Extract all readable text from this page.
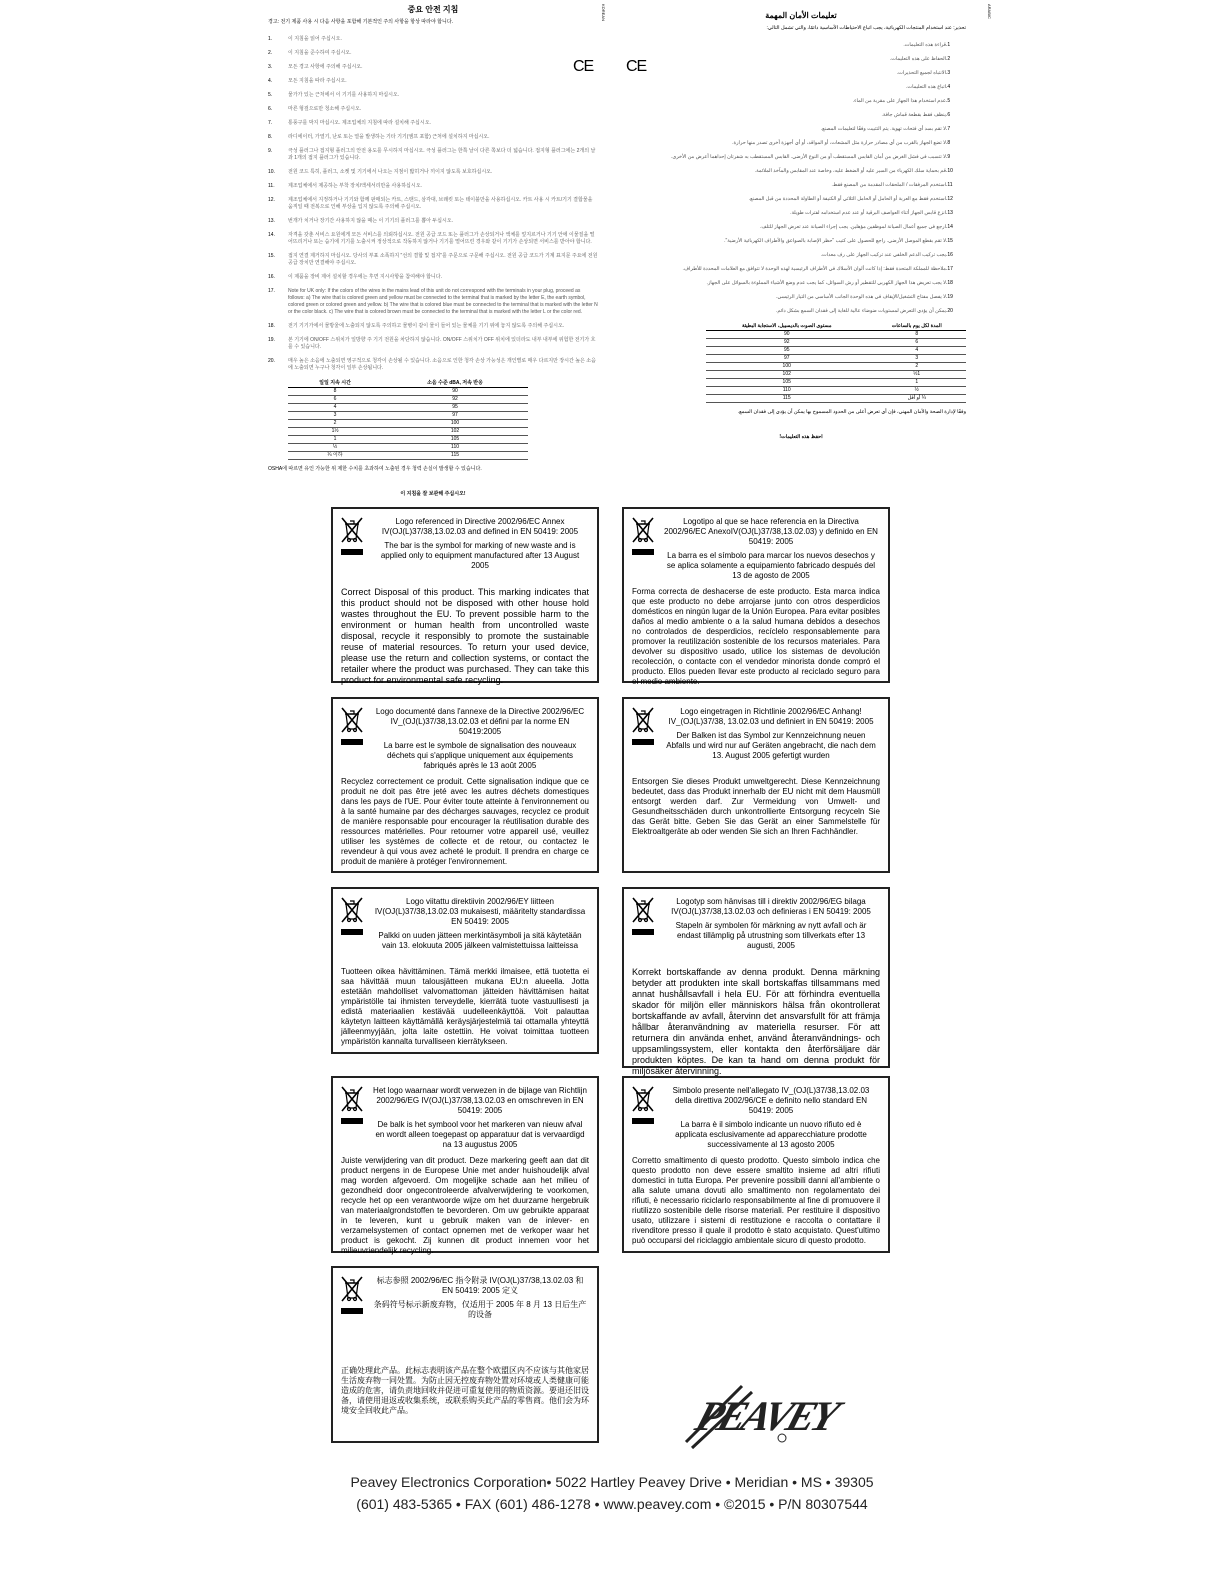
중요 안전 지침
경고: 전기 제품 사용 시 다음 사항을 포함해 기본적인 주의 사항을 항상 따라야 합니다.
1.	이 지침을 읽어 주십시오.
2.	이 지침을 준수하여 주십시오.
3.	모든 경고 사항에 주의해 주십시오.
4.	모든 지침을 따라 주십시오.
5.	물가가 있는 근처에서 이 기기를 사용하지 마십시오.
6.	마른 헝겊으로만 청소해 주십시오.
7.	통풍구를 막지 마십시오. 제조업체의 지침에 따라 설치해 주십시오.
8.	라디에이터, 가열기, 난로 또는 열을 발생하는 기타 기기(앰프 포함) 근처에 설치하지 마십시오.
9.	극성 플러그나 접지형 플러그의 안전 용도를 무시하지 마십시오. 극성 플러그는 한쪽 날이 다른 쪽보다 더 넓습니다. 접지형 플러그에는 2개의 날과 1개의 접지 플러그가 있습니다.
10.	전원 코드 특히, 플러그, 소켓 및 기기에서 나오는 지점이 밟히거나 끼이지 않도록 보호하십시오.
11.	제조업체에서 제공하는 부착 장치/액세서리만을 사용하십시오.
12.	제조업체에서 지정하거나 기기와 함께 판매되는 카트, 스탠드, 삼각대, 브래킷 또는 테이블만을 사용하십시오. 카트 사용 시 카트/기기 결합물을 움직일 때 전복으로 인해 부상을 입지 않도록 주의해 주십시오.
13.	번개가 치거나 장기간 사용하지 않을 때는 이 기기의 플러그를 뽑아 두십시오.
14.	자격을 갖춘 서비스 요원에게 모든 서비스를 의뢰하십시오. 전원 공급 코드 또는 플러그가 손상되거나 액체를 엎지르거나 기기 안에 이물질을 떨어뜨리거나 또는 습기에 기기를 노출시켜 정상적으로 작동하지 않거나 기기를 떨어뜨린 경우와 같이 기기가 손상되면 서비스를 받아야 합니다.
15.	접지 연결 제거하지 마십시오. 당사의 부표 소폭하지 "선의 결합 및 접지"를 주문으로 구문해 주십시오. 전원 공급 코드가 기계 표지문 주요에 전원 공급 장치만 연결해야 주십시오.
16.	이 제품을 장비 제어 설치할 경우에는 후면 지시사항을 참여해야 합니다.
17.	Note for UK only: If the colors of the wires in the mains lead of this unit do not correspond with the terminals in your plug, proceed as follows: a) The wire that is colored green and yellow must be connected to the terminal that is marked by the letter E, the earth symbol, colored green or colored green and yellow. b) The wire that is colored blue must be connected to the terminal that is marked with the letter N or the color black. c) The wire that is colored brown must be connected to the terminal that is marked with the letter L or the color red.
18.	전기 기기가에서 물방울에 노출되지 않도록 주의하고 물병이 같이 물이 들어 있는 물체를 기기 위에 놓지 않도록 주의해 주십시오.
19.	본 기기에 ON/OFF 스위치가 일방향 주 기기 전원을 차단하지 않습니다. ON/OFF 스위치가 OFF 위치에 있더라도 내부 내부에 위험한 전기가 흐를 수 있습니다.
20.	매우 높은 소음에 노출되면 영구적으로 청각이 손상될 수 있습니다. 소음으로 인한 청각 손상 가능성은 개인별로 매우 다르지만 장시간 높은 소음에 노출되면 누구나 청각이 일부 손상됩니다.
일일 지속 시간	소음 수준 dBA, 저속 반응
8	90
6	92
4	95
3	97
2	100
1½	102
1	105
½	110
¼ 이하	115
OSHA에 따르면 유인 가능한 위 제한 수치를 초과하여 노출된 경우 청력 손실이 발생할 수 있습니다.
이 지침을 잘 보관해 주십시오!
KOREAN
CE CE
تعليمات الأمان المهمة
تحذير: عند استخدام المنتجات الكهربائية، يجب اتباع الاحتياطات الأساسية دائمًا، والتي تشمل التالي:
1.
قراءة هذه التعليمات.
2.
الحفاظ على هذه التعليمات.
3.
الانتباه لجميع التحذيرات.
4.
اتباع هذه التعليمات.
5.
عدم استخدام هذا الجهاز على مقربة من الماء.
6.
ينظف فقط بقطعة قماش جافة.
7.
لا تقم بسد أي فتحات تهوية. يتم التثبيت وفقًا لتعليمات المصنع.
8.
لا تضع الجهاز بالقرب من أي مصادر حرارة مثل المشعات، أو المواقد، أو أي أجهزة أخرى تصدر منها حرارة.
9.
لا تتسبب في فشل الغرض من أمان القابس المستقطب أو من النوع الأرضي. القابس المستقطب به شفرتان إحداهما أعرض من الأخرى.
10.
قم بحماية سلك الكهرباء من السير عليه أو الضغط عليه، وخاصة عند المقابس والمآخذ الملائمة.
11.
استخدم المرفقات / الملحقات المقدمة من المصنع فقط.
12.
استخدم فقط مع العربة أو الحامل أو الحامل الثلاثي أو الكتيفة أو الطاولة المحددة من قبل المصنع.
13.
انزع قابس الجهاز أثناء العواصف البرقية أو عند عدم استخدامه لفترات طويلة.
14.
ارجع في جميع أعمال الصيانة لموظفين مؤهلين. يجب إجراء الصيانة عند تعرض الجهاز للتلف.
15.
لا تقم بقطع الموصل الأرضي. راجع للحصول على كتيب "حظر الإصابة بالصواعق والأطراف الكهربائية الأرضية".
16.
يجب تركيب الدعم الخلفي عند تركيب الجهاز على رف معدات.
17.
ملاحظة للمملكة المتحدة فقط: إذا كانت ألوان الأسلاك في الأطراف الرئيسية لهذه الوحدة لا تتوافق مع العلامات المحددة للأطراف.
18.
لا يجب تعريض هذا الجهاز الكهربي للتقطير أو رش السوائل، كما يجب عدم وضع الأشياء المملوءة بالسوائل على الجهاز.
19.
لا يفصل مفتاح التشغيل/الإيقاف في هذه الوحدة الجانب الأساسي من التيار الرئيسي.
20.
يمكن أن يؤدي التعرض لمستويات ضوضاء عالية للغاية إلى فقدان السمع بشكل دائم.
المدة لكل يوم بالساعات	مستوى الصوت بالديسيبل، الاستجابة البطيئة
8	90
6	92
4	95
3	97
2	100
1½	102
1	105
½	110
¼ أو أقل	115
وفقًا لإدارة الصحة والأمان المهني، فإن أي تعرض أعلى من الحدود المسموح بها يمكن أن يؤدي إلى فقدان السمع.
احفظ هذه التعليمات!
ARABIC
Logo referenced in Directive 2002/96/EC Annex IV(OJ(L)37/38,13.02.03 and defined in EN 50419: 2005
The bar is the symbol for marking of new waste and is applied only to equipment manufactured after 13 August 2005
Correct Disposal of this product. This marking indicates that this product should not be disposed with other house hold wastes throughout the EU. To prevent possible harm to the environment or human health from uncontrolled waste disposal, recycle it responsibly to promote the sustainable reuse of material resources. To return your used device, please use the return and collection systems, or contact the retailer where the product was purchased. They can take this product for environmental safe recycling.
Logotipo al que se hace referencia en la Directiva 2002/96/EC AnexoIV(OJ(L)37/38,13.02.03) y definido en EN 50419: 2005
La barra es el símbolo para marcar los nuevos desechos y se aplica solamente a equipamiento fabricado después del 13 de agosto de 2005
Forma correcta de deshacerse de este producto. Esta marca indica que este producto no debe arrojarse junto con otros desperdicios domésticos en ningún lugar de la Unión Europea. Para evitar posibles daños al medio ambiente o a la salud humana debidos a desechos no controlados de desperdicios, recíclelo responsablemente para promover la reutilización sostenible de los recursos materiales. Para devolver su dispositivo usado, utilice los sistemas de devolución recolección, o contacte con el vendedor minorista donde compró el producto. Ellos pueden llevar este producto al reciclado seguro para el medio ambiente.
Logo documenté dans l'annexe de la Directive 2002/96/EC IV_(OJ(L)37/38,13.02.03 et défini par la norme EN 50419:2005
La barre est le symbole de signalisation des nouveaux déchets qui s'applique uniquement aux équipements fabriqués après le 13 août 2005
Recyclez correctement ce produit. Cette signalisation indique que ce produit ne doit pas être jeté avec les autres déchets domestiques dans les pays de l'UE. Pour éviter toute atteinte à l'environnement ou à la santé humaine par des décharges sauvages, recyclez ce produit de manière responsable pour encourager la réutilisation durable des ressources matérielles. Pour retourner votre appareil usé, veuillez utiliser les systèmes de collecte et de retour, ou contactez le revendeur à qui vous avez acheté le produit. Il prendra en charge ce produit de manière à protéger l'environnement.
Logo eingetragen in Richtlinie 2002/96/EC Anhang! IV_(OJ(L)37/38, 13.02.03 und definiert in EN 50419: 2005
Der Balken ist das Symbol zur Kennzeichnung neuen Abfalls und wird nur auf Geräten angebracht, die nach dem 13. August 2005 gefertigt wurden
Entsorgen Sie dieses Produkt umweltgerecht. Diese Kennzeichnung bedeutet, dass das Produkt innerhalb der EU nicht mit dem Hausmüll entsorgt werden darf. Zur Vermeidung von Umwelt- und Gesundheitsschäden durch unkontrollierte Entsorgung recyceln Sie das Gerät bitte. Geben Sie das Gerät an einer Sammelstelle für Elektroaltgeräte ab oder wenden Sie sich an Ihren Fachhändler.
Logo viitattu direktiivin 2002/96/EY liitteen IV(OJ(L)37/38,13.02.03 mukaisesti, määritelty standardissa EN 50419: 2005
Palkki on uuden jätteen merkintäsymboli ja sitä käytetään vain 13. elokuuta 2005 jälkeen valmistettuissa laitteissa
Tuotteen oikea hävittäminen. Tämä merkki ilmaisee, että tuotetta ei saa hävittää muun talousjätteen mukana EU:n alueella. Jotta estetään mahdolliset valvomattoman jätteiden hävittämisen haitat ympäristölle tai ihmisten terveydelle, kierrätä tuote vastuullisesti ja edistä materiaalien kestävää uudelleenkäyttöä. Voit palauttaa käytetyn laitteen käyttämällä keräysjärjestelmiä tai ottamalla yhteyttä jälleenmyyjään, jolta laite ostettiin. He voivat toimittaa tuotteen ympäristön kannalta turvalliseen kierrätykseen.
Logotyp som hänvisas till i direktiv 2002/96/EG bilaga IV(OJ(L)37/38,13.02.03 och definieras i EN 50419: 2005
Stapeln är symbolen för märkning av nytt avfall och är endast tillämplig på utrustning som tillverkats efter 13 augusti, 2005
Korrekt bortskaffande av denna produkt. Denna märkning betyder att produkten inte skall bortskaffas tillsammans med annat hushållsavfall i hela EU. För att förhindra eventuella skador för miljön eller människors hälsa från okontrollerat bortskaffande av avfall, återvinn det ansvarsfullt för att främja hållbar återanvändning av materiella resurser. För att returnera din använda enhet, använd återanvändnings- och uppsamlingssystem, eller kontakta den återförsäljare där produkten köptes. De kan ta hand om denna produkt för miljösäker återvinning.
Het logo waarnaar wordt verwezen in de bijlage van Richtlijn 2002/96/EG IV(OJ(L)37/38,13.02.03 en omschreven in EN 50419: 2005
De balk is het symbool voor het markeren van nieuw afval en wordt alleen toegepast op apparatuur dat is vervaardigd na 13 augustus 2005
Juiste verwijdering van dit product. Deze markering geeft aan dat dit product nergens in de Europese Unie met ander huishoudelijk afval mag worden afgevoerd. Om mogelijke schade aan het milieu of gezondheid door ongecontroleerde afvalverwijdering te voorkomen, recycle het op een verantwoorde wijze om het duurzame hergebruik van materiaalgrondstoffen te bevorderen. Om uw gebruikte apparaat in te leveren, kunt u gebruik maken van de inlever- en verzamelsystemen of contact opnemen met de verkoper waar het product is gekocht. Zij kunnen dit product innemen voor het milieuvriendelijk recycling.
Simbolo presente nell'allegato IV_(OJ(L)37/38,13.02.03 della direttiva 2002/96/CE e definito nello standard EN 50419: 2005
La barra è il simbolo indicante un nuovo rifiuto ed è applicata esclusivamente ad apparecchiature prodotte successivamente al 13 agosto 2005
Corretto smaltimento di questo prodotto. Questo simbolo indica che questo prodotto non deve essere smaltito insieme ad altri rifiuti domestici in tutta Europa. Per prevenire possibili danni all'ambiente o alla salute umana dovuti allo smaltimento non regolamentato dei rifiuti, è necessario riciclarlo responsabilmente al fine di promuovere il riutilizzo sostenibile delle risorse materiali. Per restituire il dispositivo usato, utilizzare i sistemi di restituzione e raccolta o contattare il rivenditore presso il quale il prodotto è stato acquistato. Quest'ultimo può occuparsi del riciclaggio ambientale sicuro di questo prodotto.
标志参照 2002/96/EC 指令附录 IV(OJ(L)37/38,13.02.03 和 EN 50419: 2005 定义
条码符号标示新废弃物，仅适用于 2005 年 8 月 13 日后生产的设备
正确处理此产品。此标志表明该产品在整个欧盟区内不应该与其他家居生活废弃物一同处置。为防止因无控废弃物处置对环境或人类健康可能造成的危害，请负责地回收并促进可重复使用的物质资源。要退还旧设备，请使用退返或收集系统，或联系购买此产品的零售商。他们会为环境安全回收此产品。	PEAVEY
Peavey Electronics Corporation• 5022 Hartley Peavey Drive • Meridian • MS • 39305
(601) 483-5365 • FAX (601) 486-1278 • www.peavey.com • ©2015 • P/N 80307544
